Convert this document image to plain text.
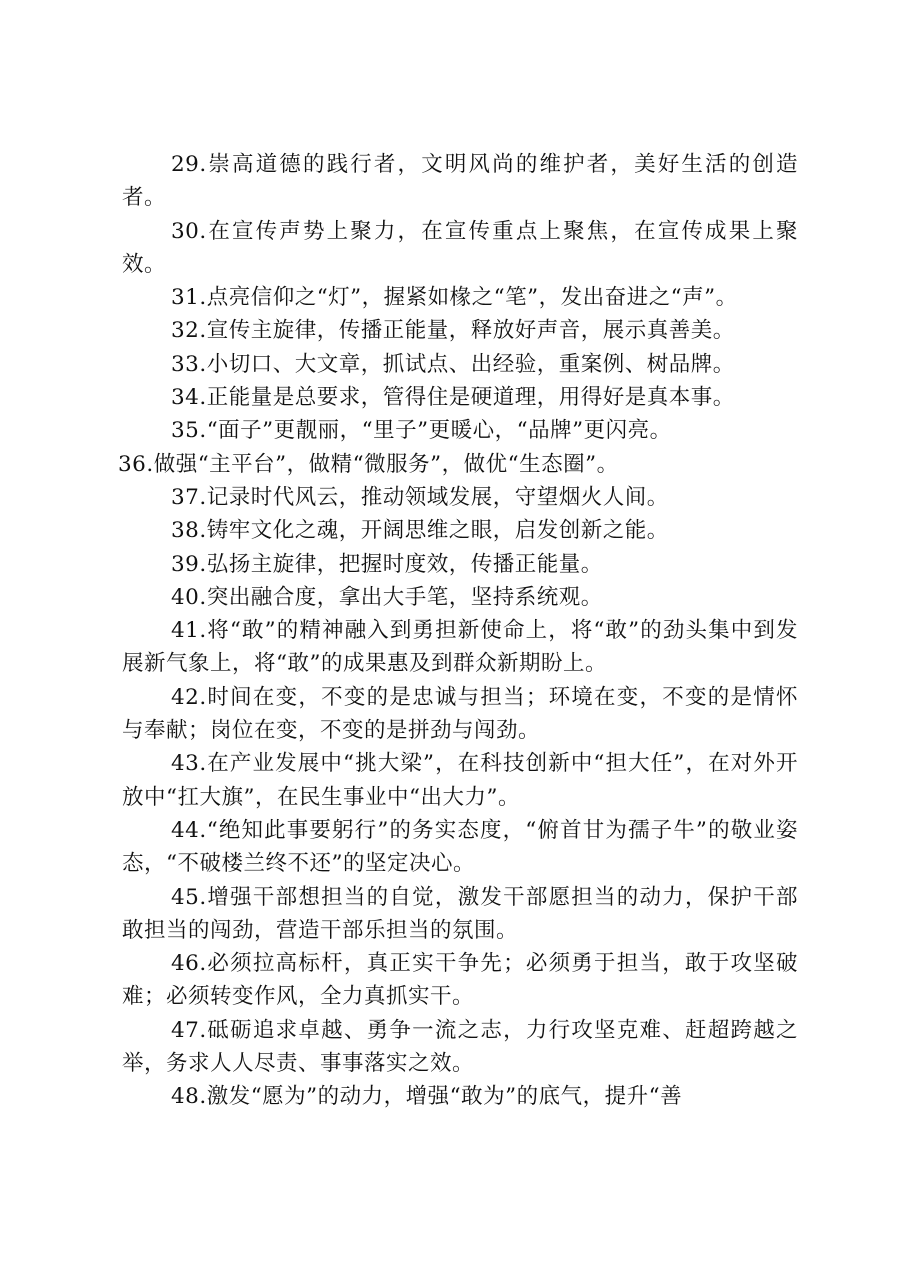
29.崇高道德的践行者，文明风尚的维护者，美好生活的创造者。

30.在宣传声势上聚力，在宣传重点上聚焦，在宣传成果上聚效。

31.点亮信仰之“灯”，握紧如椽之“笔”，发出奋进之“声”。

32.宣传主旋律，传播正能量，释放好声音，展示真善美。

33.小切口、大文章，抓试点、出经验，重案例、树品牌。

34.正能量是总要求，管得住是硬道理，用得好是真本事。

35.“面子”更靓丽，“里子”更暖心，“品牌”更闪亮。

36.做强“主平台”，做精“微服务”，做优“生态圈”。

37.记录时代风云，推动领域发展，守望烟火人间。

38.铸牢文化之魂，开阔思维之眼，启发创新之能。

39.弘扬主旋律，把握时度效，传播正能量。

40.突出融合度，拿出大手笔，坚持系统观。

41.将“敢”的精神融入到勇担新使命上，将“敢”的劲头集中到发展新气象上，将“敢”的成果惠及到群众新期盼上。

42.时间在变，不变的是忠诚与担当；环境在变，不变的是情怀与奉献；岗位在变，不变的是拼劲与闯劲。

43.在产业发展中“挑大梁”，在科技创新中“担大任”，在对外开放中“扛大旗”，在民生事业中“出大力”。

44.“绝知此事要躬行”的务实态度，“俯首甘为孺子牛”的敬业姿态，“不破楼兰终不还”的坚定决心。

45.增强干部想担当的自觉，激发干部愿担当的动力，保护干部敢担当的闯劲，营造干部乐担当的氛围。

46.必须拉高标杆，真正实干争先；必须勇于担当，敢于攻坚破难；必须转变作风，全力真抓实干。

47.砥砺追求卓越、勇争一流之志，力行攻坚克难、赶超跨越之举，务求人人尽责、事事落实之效。

48.激发“愿为”的动力，增强“敢为”的底气，提升“善
